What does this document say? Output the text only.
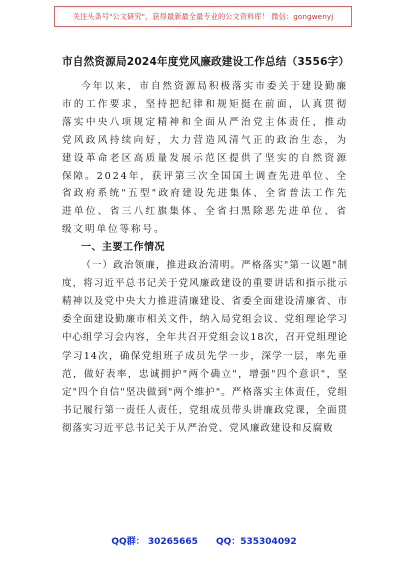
关注头条号"公文研究"，获得最新最全最专业的公文资料库！ 微信：gongwenyj
市自然资源局2024年度党风廉政建设工作总结（3556字）

今年以来，市自然资源局积极落实市委关于建设勤廉市的工作要求，坚持把纪律和规矩挺在前面，认真贯彻落实中央八项规定精神和全面从严治党主体责任，推动党风政风持续向好，大力营造风清气正的政治生态，为建设革命老区高质量发展示范区提供了坚实的自然资源保障。2024年，获评第三次全国国土调查先进单位、全省政府系统"五型"政府建设先进集体、全省普法工作先进单位、省三八红旗集体、全省扫黑除恶先进单位、省级文明单位等称号。

一、主要工作情况

（一）政治领廉，推进政治清明。严格落实"第一议题"制度，将习近平总书记关于党风廉政建设的重要讲话和指示批示精神以及党中央大力推进清廉建设、省委全面建设清廉省、市委全面建设勤廉市相关文件，纳入局党组会议、党组理论学习中心组学习会内容，全年共召开党组会议18次，召开党组理论学习14次，确保党组班子成员先学一步，深学一层，率先垂范，做好表率，忠诚拥护"两个确立"，增强"四个意识"，坚定"四个自信"坚决做到"两个维护"。严格落实主体责任，党组书记履行第一责任人责任，党组成员带头讲廉政党课，全面贯彻落实习近平总书记关于从严治党、党风廉政建设和反腐败

QQ群： 30265665 QQ：535304092
